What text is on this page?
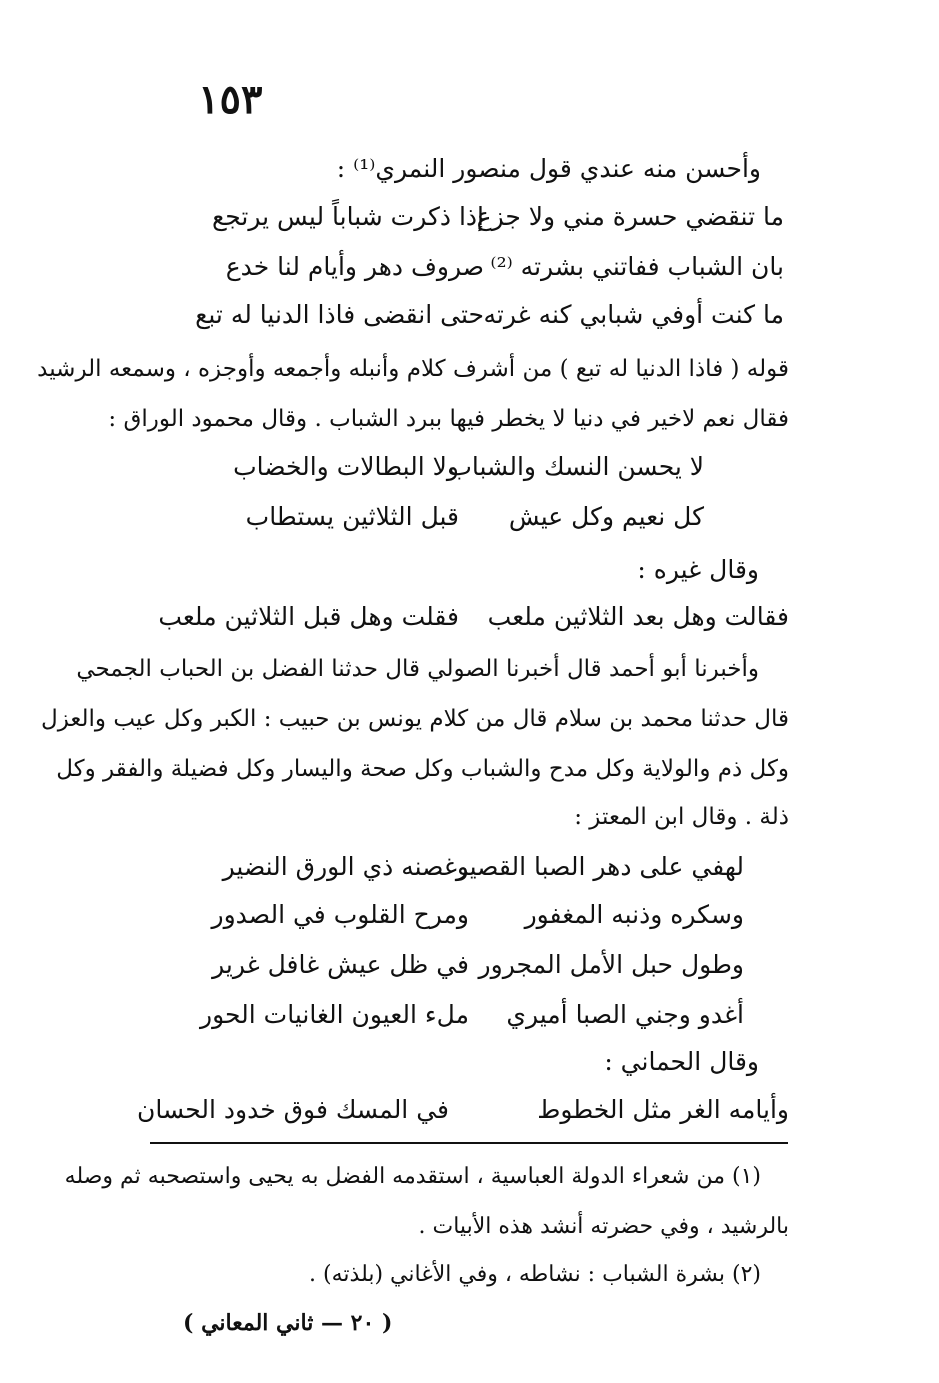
١٥٣
وأحسن منه عندي قول منصور النمري⁽¹⁾ :
ما تنقضي حسرة مني ولا جزع
إذا ذكرت شباباً ليس يرتجع
بان الشباب ففاتني بشرته ⁽²⁾
صروف دهر وأيام لنا خدع
ما كنت أوفي شبابي كنه غرته
حتى انقضى فاذا الدنيا له تبع
قوله ( فاذا الدنيا له تبع ) من أشرف كلام وأنبله وأجمعه وأوجزه ، وسمعه الرشيد
فقال نعم لاخير في دنيا لا يخطر فيها ببرد الشباب . وقال محمود الوراق :
لا يحسن النسك والشباب
ولا البطالات والخضاب
كل نعيم وكل عيش
قبل الثلاثين يستطاب
وقال غيره :
فقالت وهل بعد الثلاثين ملعب
فقلت وهل قبل الثلاثين ملعب
وأخبرنا أبو أحمد قال أخبرنا الصولي قال حدثنا الفضل بن الحباب الجمحي
قال حدثنا محمد بن سلام قال من كلام يونس بن حبيب : الكبر وكل عيب والعزل
وكل ذم والولاية وكل مدح والشباب وكل صحة واليسار وكل فضيلة والفقر وكل
ذلة . وقال ابن المعتز :
لهفي على دهر الصبا القصير
وغصنه ذي الورق النضير
وسكره وذنبه المغفور
ومرح القلوب في الصدور
وطول حبل الأمل المجرور
في ظل عيش غافل غرير
أغدو وجني الصبا أميري
ملء العيون الغانيات الحور
وقال الحماني :
وأيامه الغر مثل الخطوط
في المسك فوق خدود الحسان
(١) من شعراء الدولة العباسية ، استقدمه الفضل به يحيى واستصحبه ثم وصله
بالرشيد ، وفي حضرته أنشد هذه الأبيات .
(٢) بشرة الشباب : نشاطه ، وفي الأغاني (بلذته) .
( ٢٠ — ثاني المعاني )
